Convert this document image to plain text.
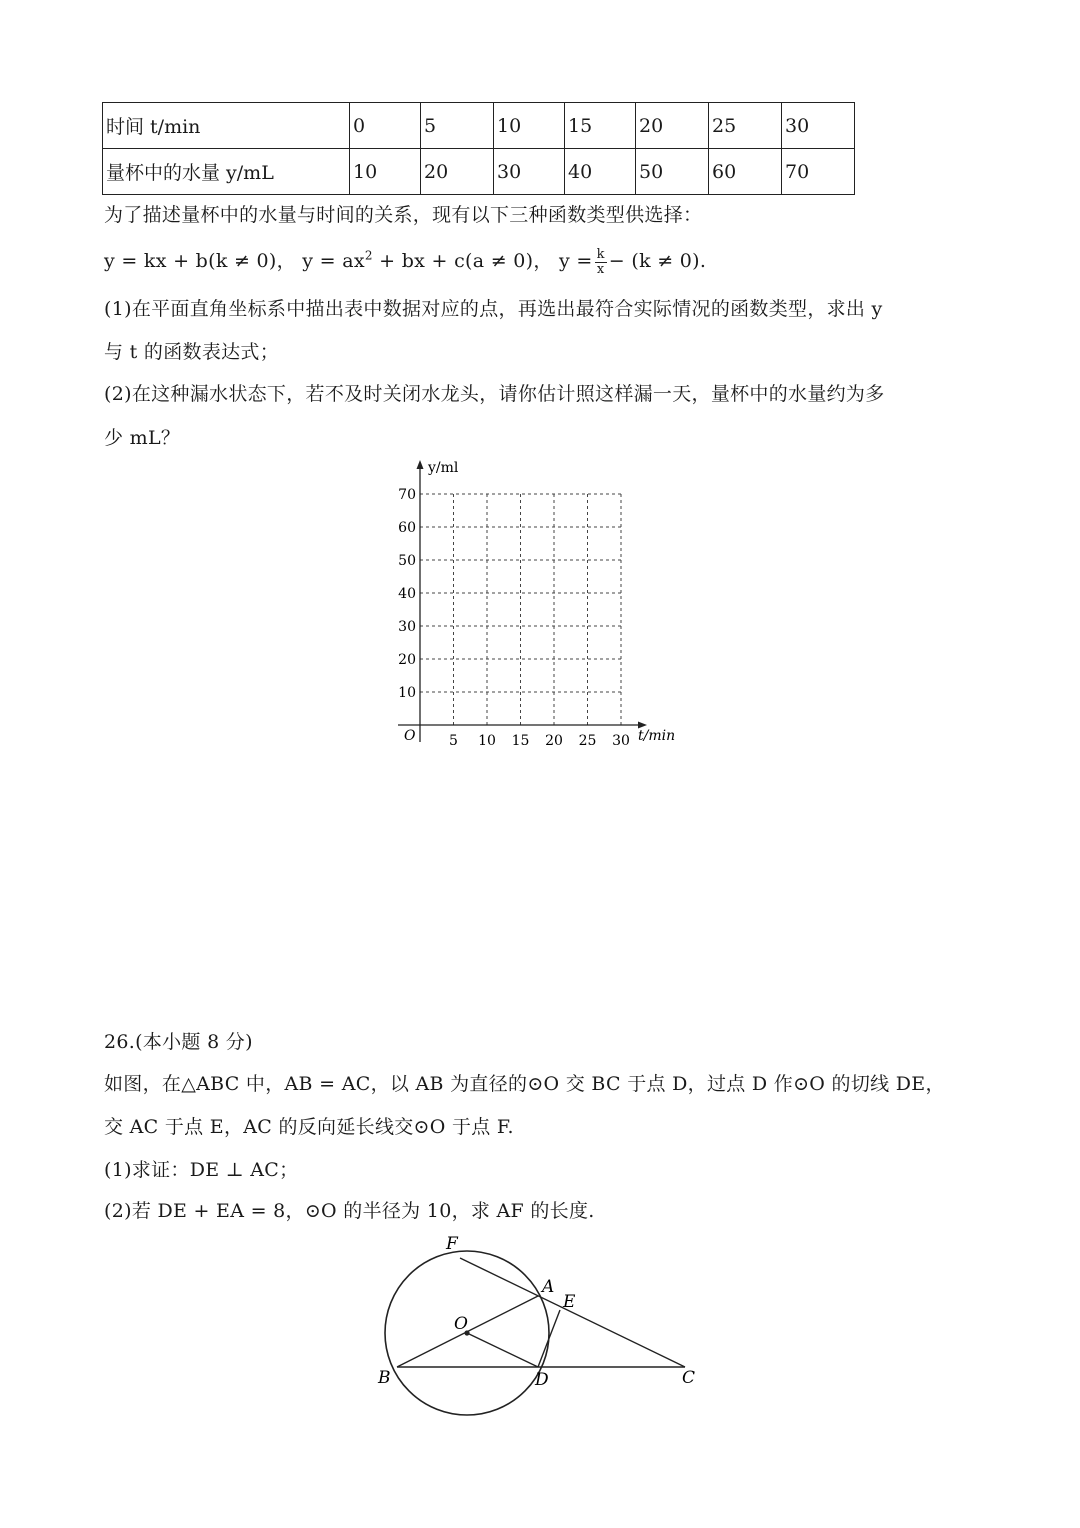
时间 t/min	0	5	10	15	20	25	30
量杯中的水量 y/mL	10	20	30	40	50	60	70
为了描述量杯中的水量与时间的关系，现有以下三种函数类型供选择：
y = kx + b(k ≠ 0)， $y = ax^2$ + bx + c(a ≠ 0)， $y = \frac{k}{x} - (k \ne 0)$.
(1)在平面直角坐标系中描出表中数据对应的点，再选出最符合实际情况的函数类型，求出 y
与 t 的函数表达式；
(2)在这种漏水状态下，若不及时关闭水龙头，请你估计照这样漏一天，量杯中的水量约为多
少 mL？
y/ml
t/min
O 5 10 15 20 25 30
10
20
30
40
50
60
70
26.(本小题 8 分)
如图，在△ABC 中，AB = AC，以 AB 为直径的⊙O 交 BC 于点 D，过点 D 作⊙O 的切线 DE，
交 AC 于点 E，AC 的反向延长线交⊙O 于点 F.
(1)求证：DE ⊥ AC；
(2)若 DE + EA = 8，⊙O 的半径为 10，求 AF 的长度.
F
A
E
O
B	D	C
